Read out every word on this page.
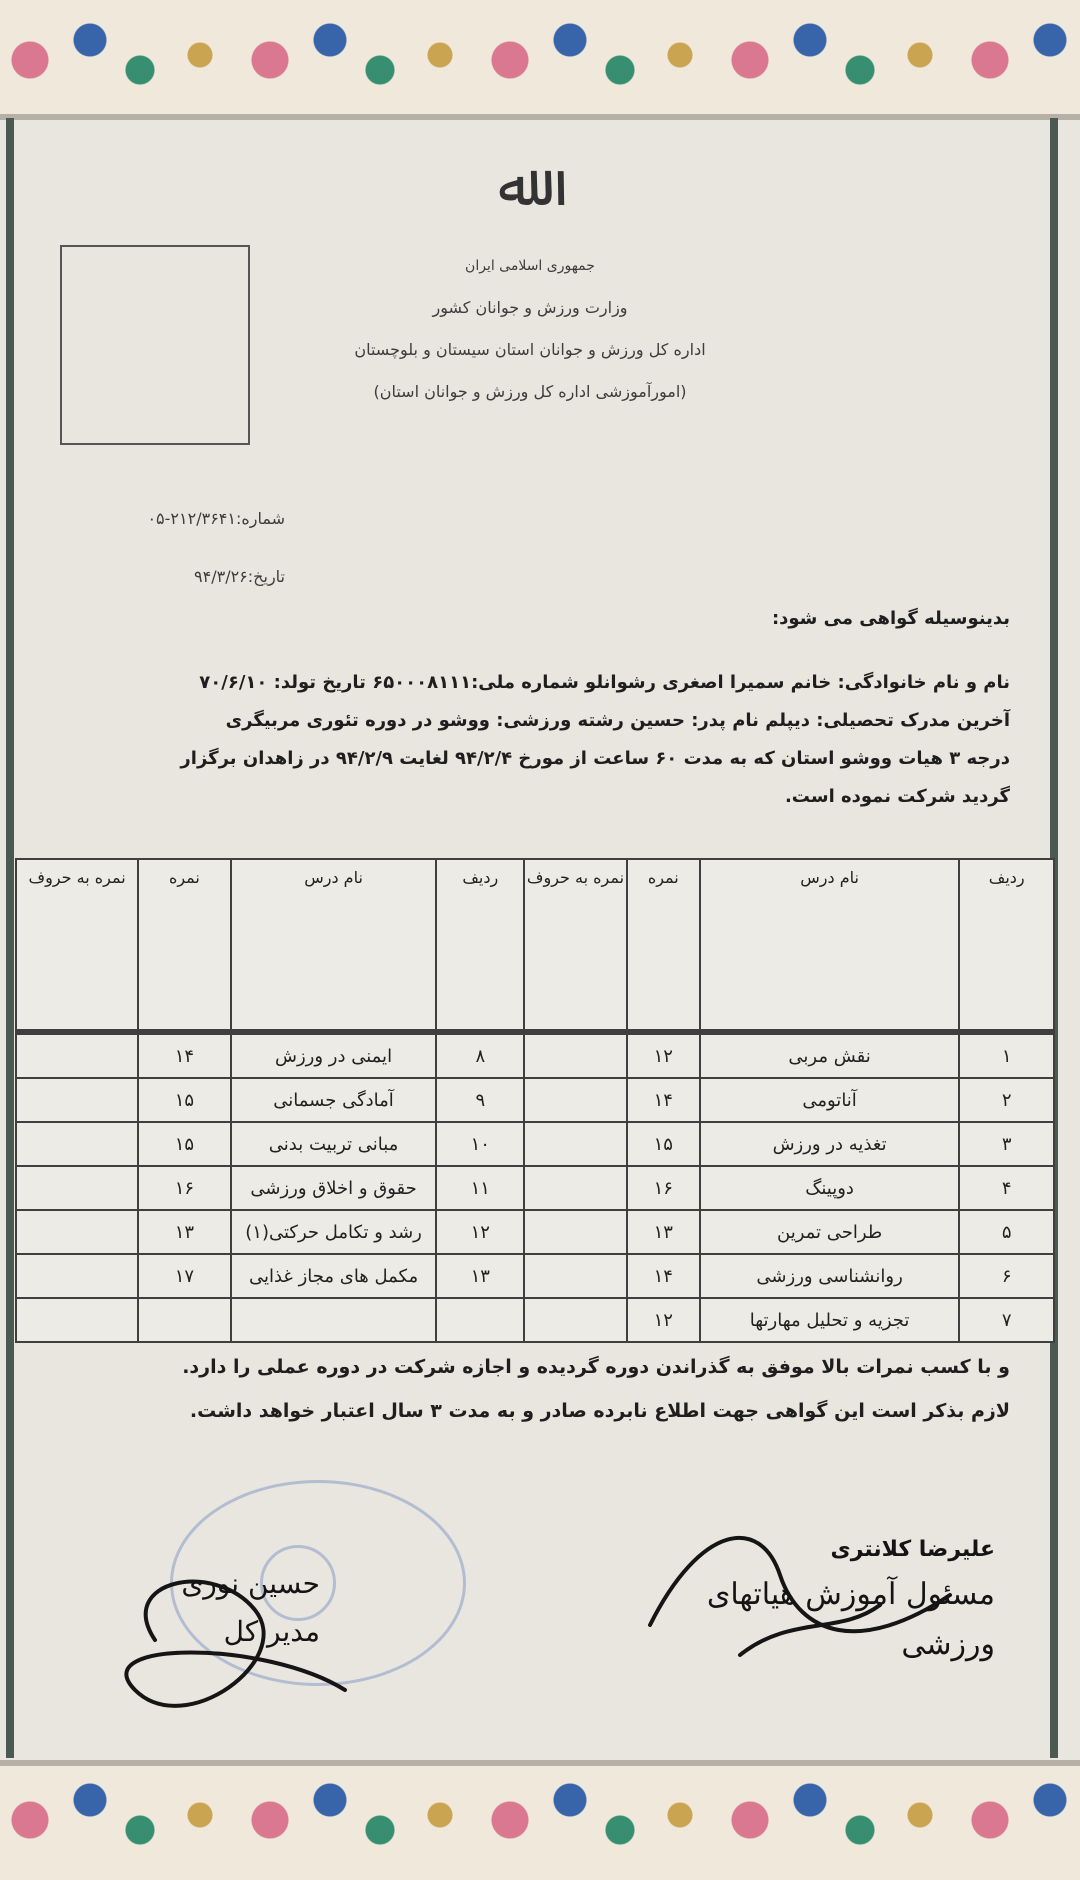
ﷲ
جمهوری اسلامی ایران
وزارت ورزش و جوانان کشور
اداره کل ورزش و جوانان استان سیستان و بلوچستان
(امورآموزشی اداره کل ورزش و جوانان استان)
شماره:۲۱۲/۳۶۴۱-۰۵
تاریخ:۹۴/۳/۲۶

بدینوسیله گواهی می شود:

نام و نام خانوادگی: خانم سمیرا اصغری رشوانلو شماره ملی:۶۵۰۰۰۸۱۱۱ تاریخ تولد: ۷۰/۶/۱۰

آخرین مدرک تحصیلی: دیپلم نام پدر: حسین رشته ورزشی: ووشو در دوره تئوری مربیگری

درجه ۳ هیات ووشو استان که به مدت ۶۰ ساعت از مورخ ۹۴/۲/۴ لغایت ۹۴/۲/۹ در زاهدان برگزار

گردید شرکت نموده است.

ردیف	نام درس	نمره	نمره به حروف	ردیف	نام درس	نمره	نمره به حروف
۱	نقش مربی	۱۲		۸	ایمنی در ورزش	۱۴	
۲	آناتومی	۱۴		۹	آمادگی جسمانی	۱۵	
۳	تغذیه در ورزش	۱۵		۱۰	مبانی تربیت بدنی	۱۵	
۴	دوپینگ	۱۶		۱۱	حقوق و اخلاق ورزشی	۱۶	
۵	طراحی تمرین	۱۳		۱۲	رشد و تکامل حرکتی(۱)	۱۳	
۶	روانشناسی ورزشی	۱۴		۱۳	مکمل های مجاز غذایی	۱۷	
۷	تجزیه و تحلیل مهارتها	۱۲					

و با کسب نمرات بالا موفق به گذراندن دوره گردیده و اجازه شرکت در دوره عملی را دارد.

لازم بذکر است این گواهی جهت اطلاع نابرده صادر و به مدت ۳ سال اعتبار خواهد داشت.

حسین نوری
مدیر کل
علیرضا کلانتری
مسئول آموزش هیاتهای ورزشی
